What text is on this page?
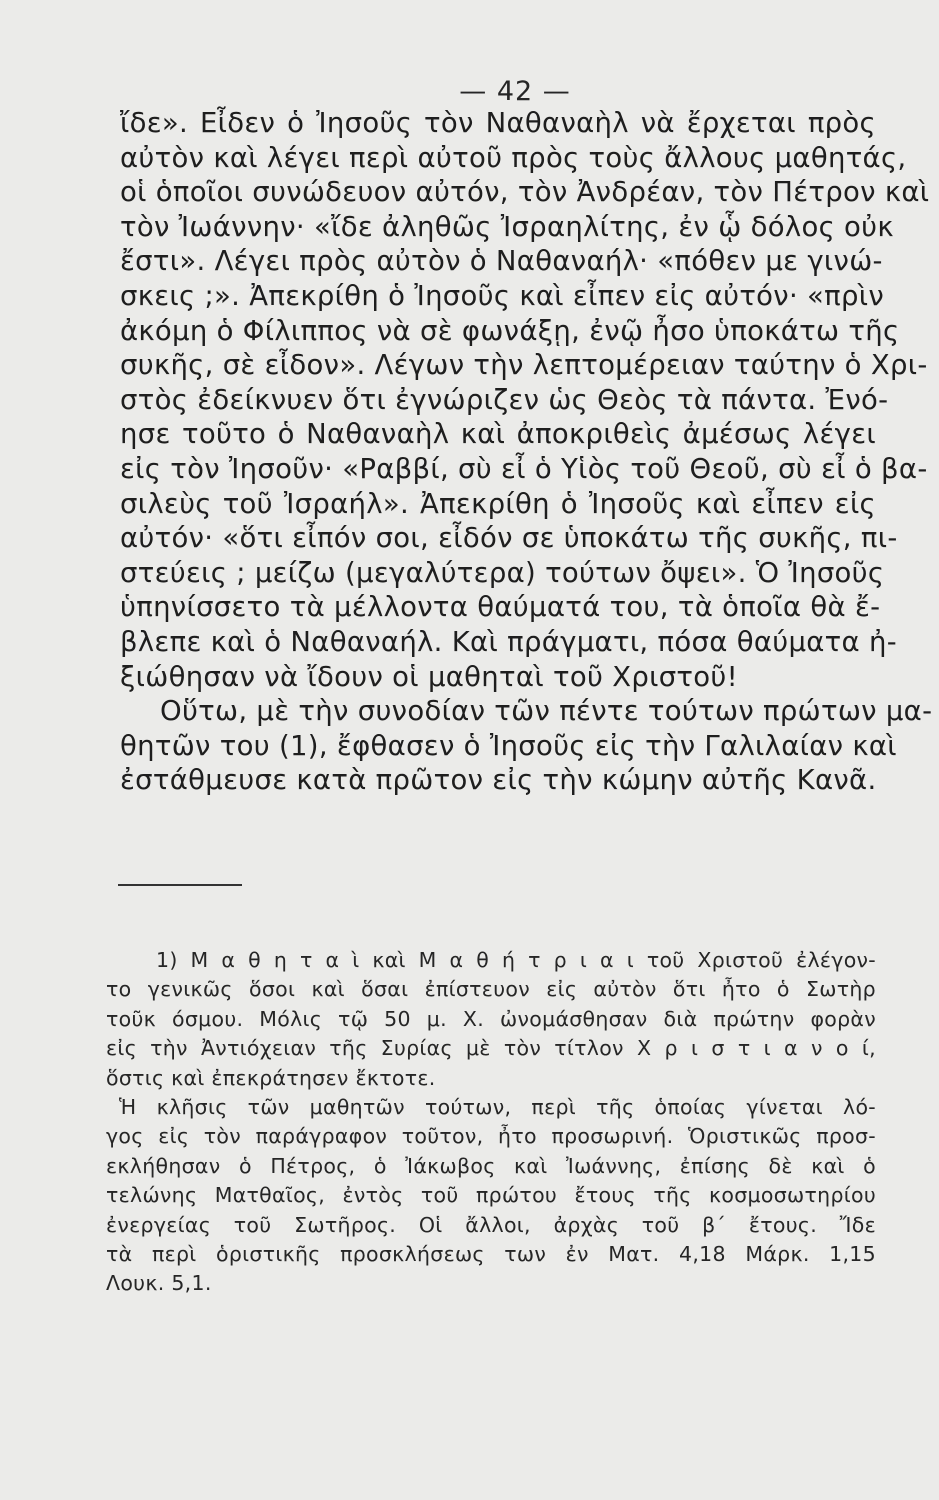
— 42 —
ἴδε». Εἶδεν ὁ Ἰησοῦς τὸν Ναθαναὴλ νὰ ἔρχεται πρὸς
αὐτὸν καὶ λέγει περὶ αὐτοῦ πρὸς τοὺς ἄλλους μαθητάς,
οἱ ὁποῖοι συνώδευον αὐτόν, τὸν Ἀνδρέαν, τὸν Πέτρον καὶ
τὸν Ἰωάννην· «ἴδε ἀληθῶς Ἰσραηλίτης, ἐν ᾧ δόλος οὐκ
ἔστι». Λέγει πρὸς αὐτὸν ὁ Ναθαναήλ· «πόθεν με γινώ-
σκεις ;». Ἀπεκρίθη ὁ Ἰησοῦς καὶ εἶπεν εἰς αὐτόν· «πρὶν
ἀκόμη ὁ Φίλιππος νὰ σὲ φωνάξῃ, ἐνῷ ἦσο ὑποκάτω τῆς
συκῆς, σὲ εἶδον». Λέγων τὴν λεπτομέρειαν ταύτην ὁ Χρι-
στὸς ἐδείκνυεν ὅτι ἐγνώριζεν ὡς Θεὸς τὰ πάντα. Ἐνό-
ησε τοῦτο ὁ Ναθαναὴλ καὶ ἀποκριθεὶς ἀμέσως λέγει
εἰς τὸν Ἰησοῦν· «Ραββί, σὺ εἶ ὁ Υἱὸς τοῦ Θεοῦ, σὺ εἶ ὁ βα-
σιλεὺς τοῦ Ἰσραήλ». Ἀπεκρίθη ὁ Ἰησοῦς καὶ εἶπεν εἰς
αὐτόν· «ὅτι εἶπόν σοι, εἶδόν σε ὑποκάτω τῆς συκῆς, πι-
στεύεις ; μείζω (μεγαλύτερα) τούτων ὄψει». Ὁ Ἰησοῦς
ὑπηνίσσετο τὰ μέλλοντα θαύματά του, τὰ ὁποῖα θὰ ἔ-
βλεπε καὶ ὁ Ναθαναήλ. Καὶ πράγματι, πόσα θαύματα ἠ-
ξιώθησαν νὰ ἴδουν οἱ μαθηταὶ τοῦ Χριστοῦ!
Οὕτω, μὲ τὴν συνοδίαν τῶν πέντε τούτων πρώτων μα-
θητῶν του (1), ἔφθασεν ὁ Ἰησοῦς εἰς τὴν Γαλιλαίαν καὶ
ἐστάθμευσε κατὰ πρῶτον εἰς τὴν κώμην αὐτῆς Κανᾶ.
1) Μ α θ η τ α ὶ καὶ Μ α θ ή τ ρ ι α ι τοῦ Χριστοῦ ἐλέγον-
το γενικῶς ὅσοι καὶ ὅσαι ἐπίστευον εἰς αὐτὸν ὅτι ἦτο ὁ Σωτὴρ
τοῦκ όσμου. Μόλις τῷ 50 μ. Χ. ὠνομάσθησαν διὰ πρώτην φορὰν
εἰς τὴν Ἀντιόχειαν τῆς Συρίας μὲ τὸν τίτλον Χ ρ ι σ τ ι α ν ο ί,
ὅστις καὶ ἐπεκράτησεν ἔκτοτε.
Ἡ κλῆσις τῶν μαθητῶν τούτων, περὶ τῆς ὁποίας γίνεται λό-
γος εἰς τὸν παράγραφον τοῦτον, ἦτο προσωρινή. Ὁριστικῶς προσ-
εκλήθησαν ὁ Πέτρος, ὁ Ἰάκωβος καὶ Ἰωάννης, ἐπίσης δὲ καὶ ὁ
τελώνης Ματθαῖος, ἐντὸς τοῦ πρώτου ἔτους τῆς κοσμοσωτηρίου
ἐνεργείας τοῦ Σωτῆρος. Οἱ ἄλλοι, ἀρχὰς τοῦ β΄ ἔτους. Ἴδε
τὰ περὶ ὁριστικῆς προσκλήσεως των ἐν Ματ. 4,18 Μάρκ. 1,15
Λουκ. 5,1.
